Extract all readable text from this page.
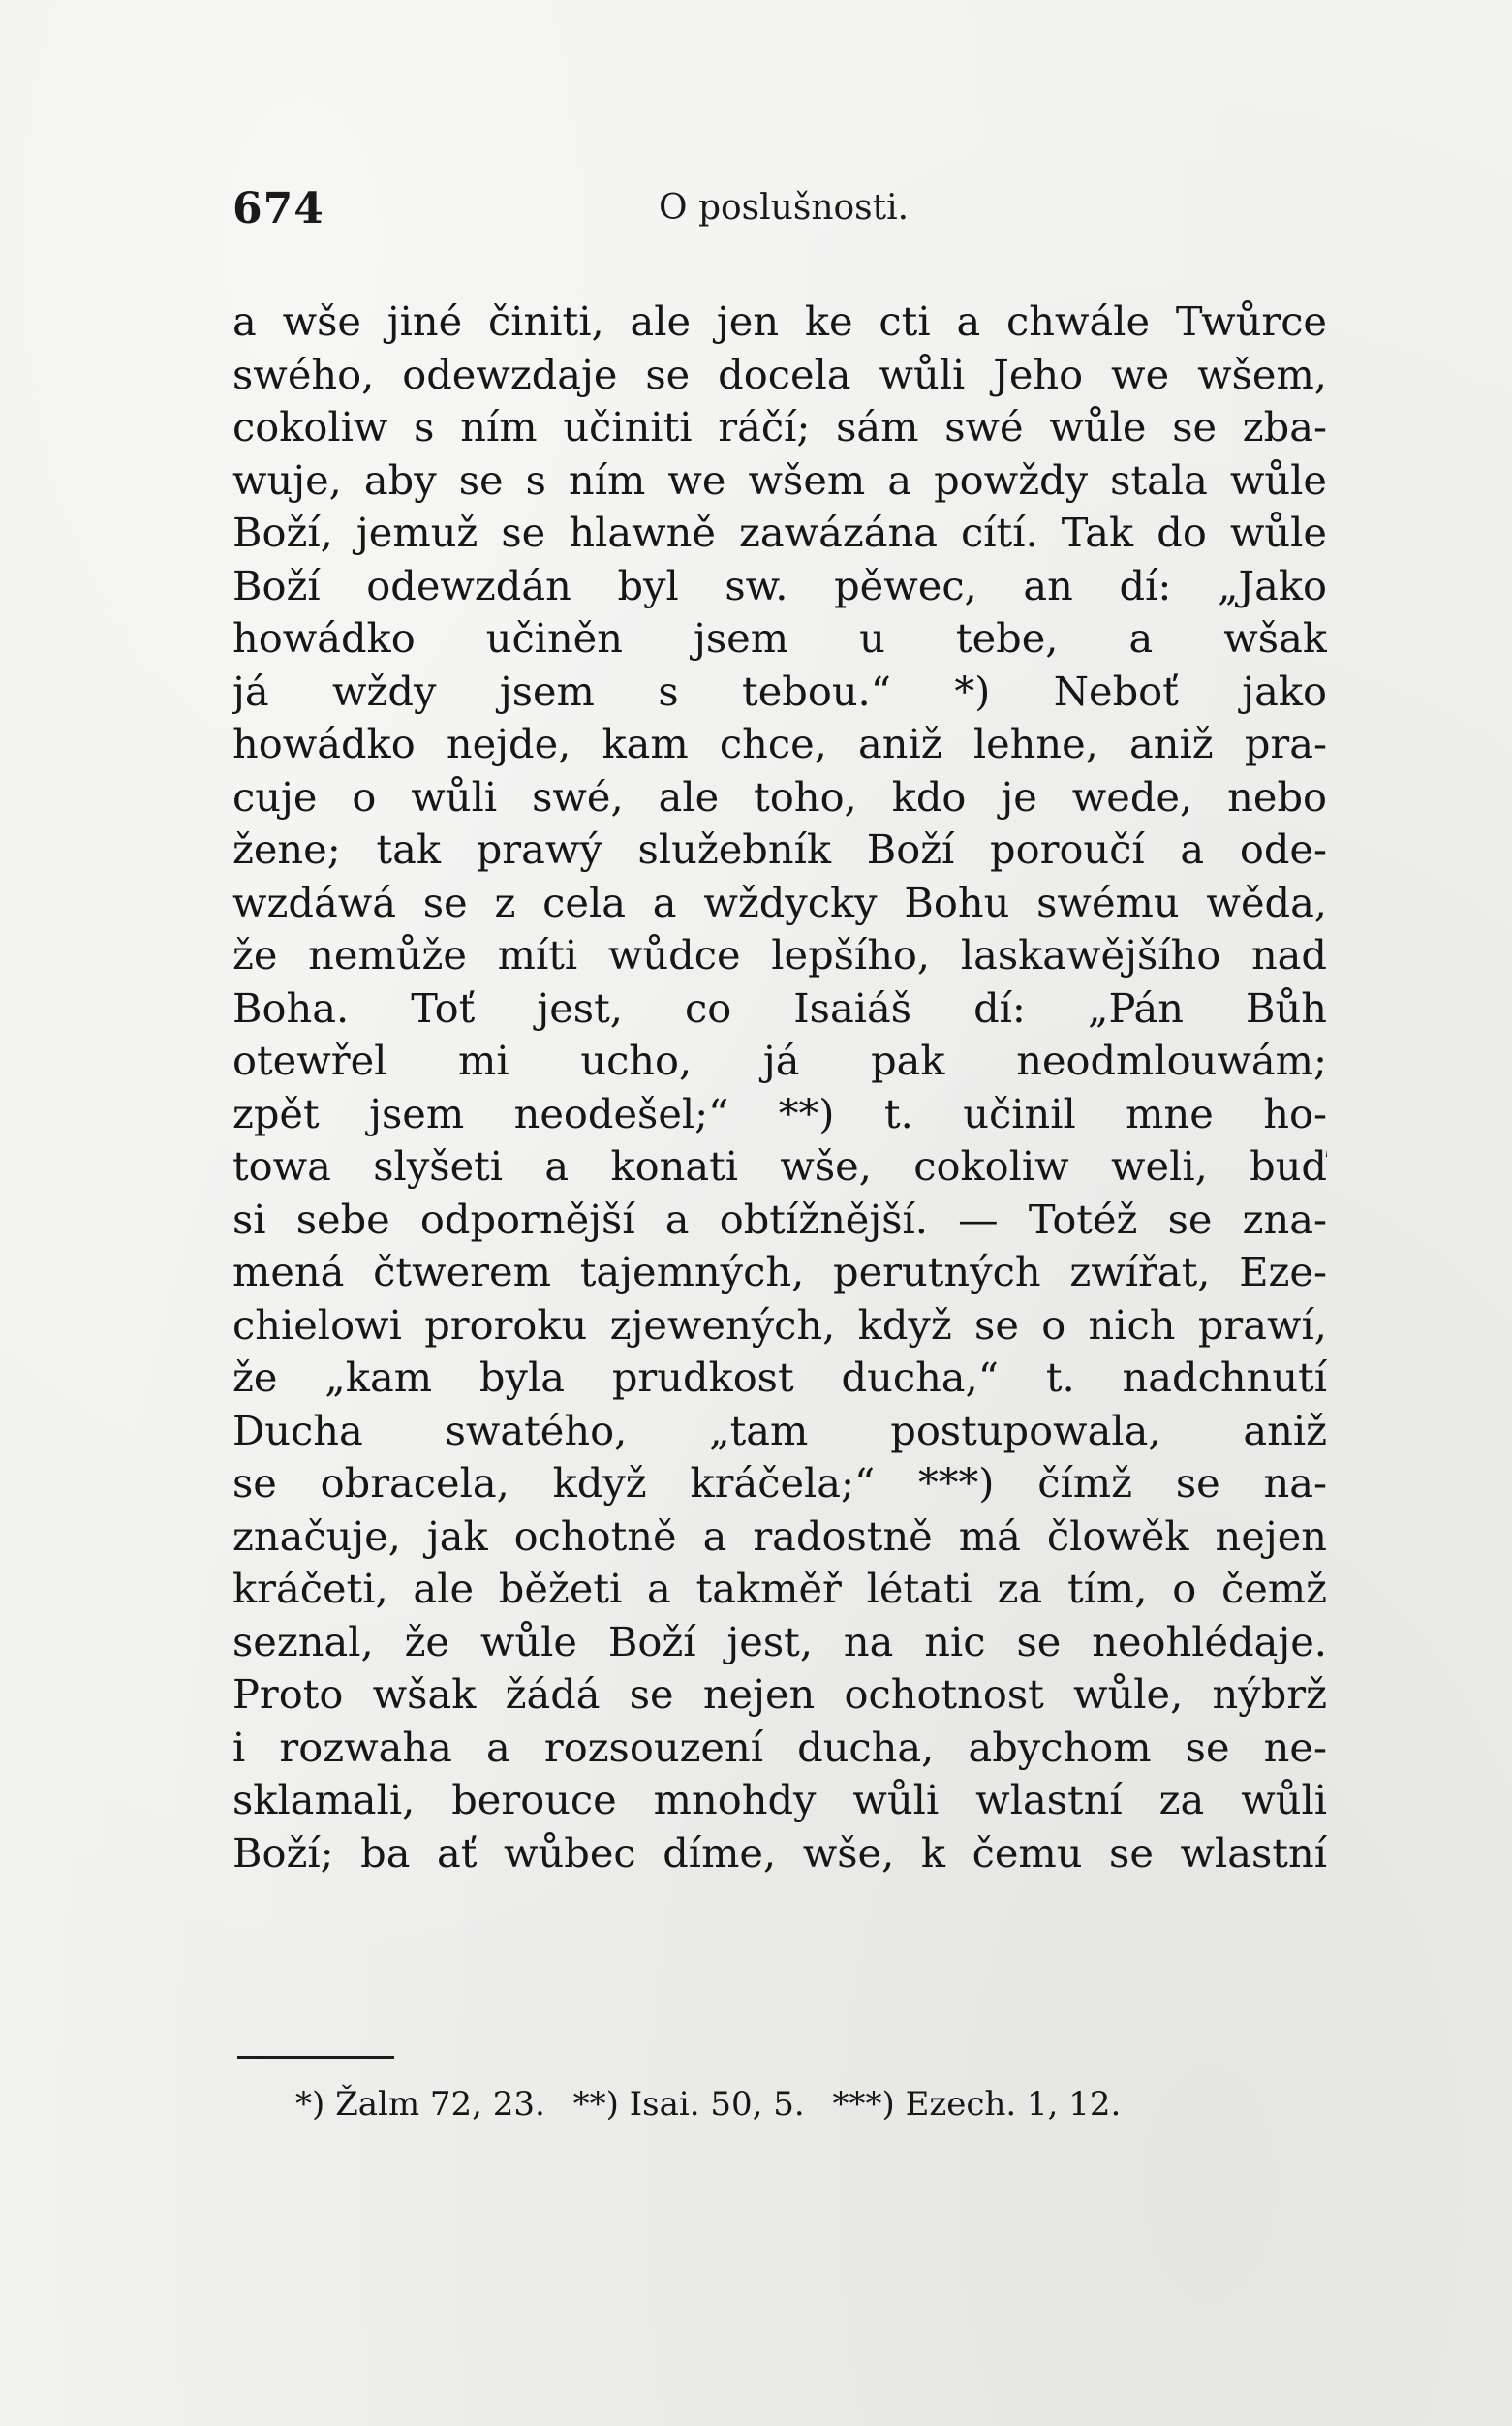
674	O poslušnosti.
a wše jiné činiti, ale jen ke cti a chwále Twůrce
swého, odewzdaje se docela wůli Jeho we wšem,
cokoliw s ním učiniti ráčí; sám swé wůle se zba-
wuje, aby se s ním we wšem a powždy stala wůle
Boží, jemuž se hlawně zawázána cítí. Tak do wůle
Boží odewzdán byl sw. pěwec, an dí: „Jako
howádko učiněn jsem u tebe, a wšak
já wždy jsem s tebou.“ *) Neboť jako
howádko nejde, kam chce, aniž lehne, aniž pra-
cuje o wůli swé, ale toho, kdo je wede, nebo
žene; tak prawý služebník Boží poroučí a ode-
wzdáwá se z cela a wždycky Bohu swému wěda,
že nemůže míti wůdce lepšího, laskawějšího nad
Boha. Toť jest, co Isaiáš dí: „Pán Bůh
otewřel mi ucho, já pak neodmlouwám;
zpět jsem neodešel;“ **) t. učinil mne ho-
towa slyšeti a konati wše, cokoliw weli, buď
si sebe odpornější a obtížnější. — Totéž se zna-
mená čtwerem tajemných, perutných zwířat, Eze-
chielowi proroku zjewených, když se o nich prawí,
že „kam byla prudkost ducha,“ t. nadchnutí
Ducha swatého, „tam postupowala, aniž
se obracela, když kráčela;“ ***) čímž se na-
značuje, jak ochotně a radostně má člowěk nejen
kráčeti, ale běžeti a takměř létati za tím, o čemž
seznal, že wůle Boží jest, na nic se neohlédaje.
Proto wšak žádá se nejen ochotnost wůle, nýbrž
i rozwaha a rozsouzení ducha, abychom se ne-
sklamali, berouce mnohdy wůli wlastní za wůli
Boží; ba ať wůbec díme, wše, k čemu se wlastní
*) Žalm 72, 23. **) Isai. 50, 5. ***) Ezech. 1, 12.
